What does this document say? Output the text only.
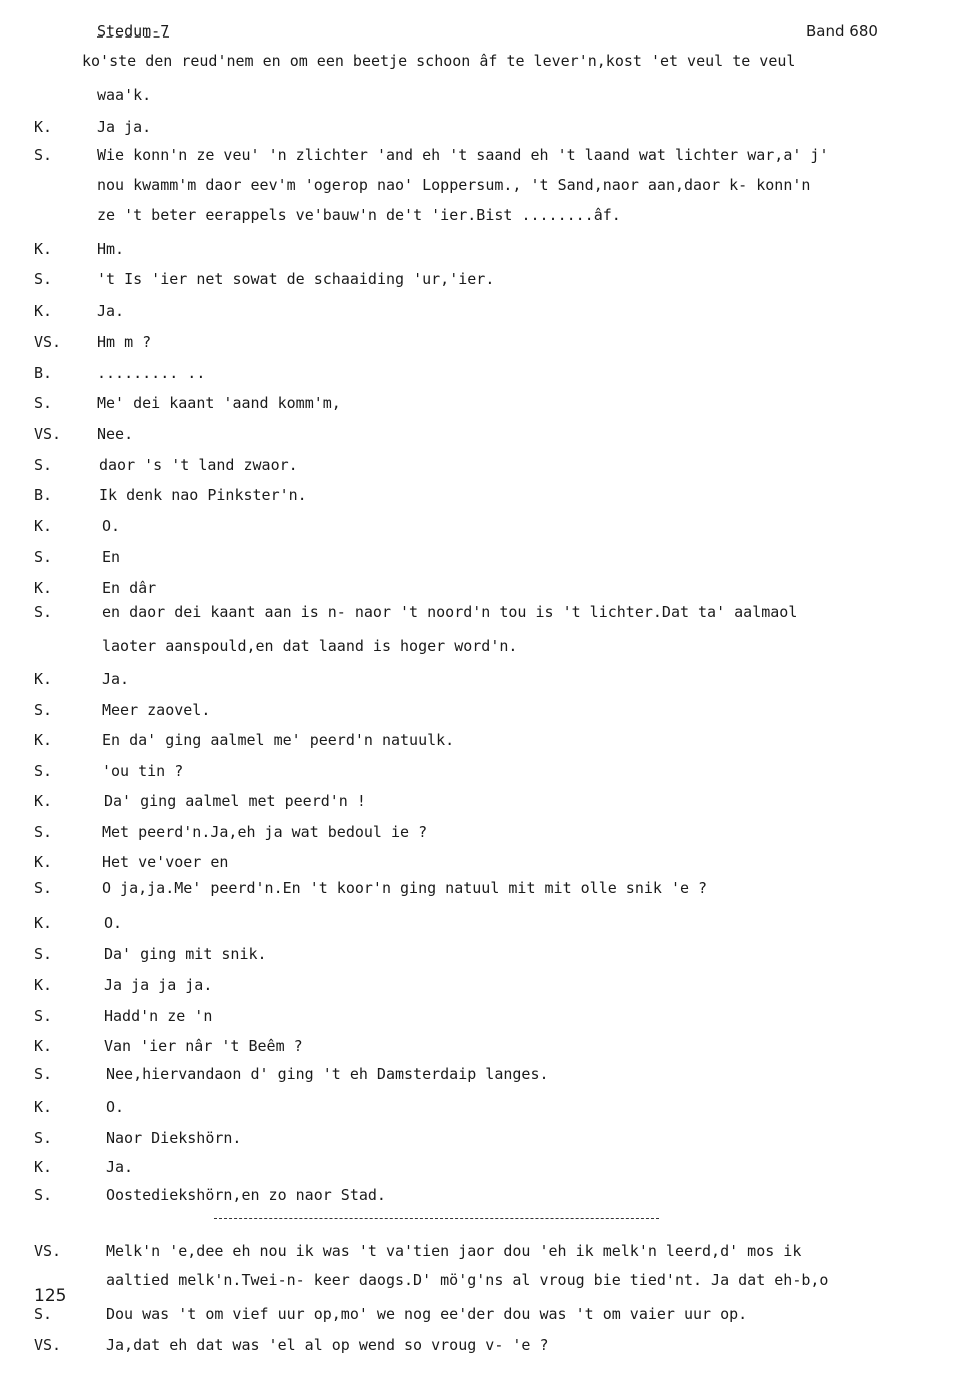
Stedum-7	Band 680
ko'ste den reud'nem en om een beetje schoon âf te lever'n,kost 'et veul te veul
waa'k.
K.	Ja ja.
S.	Wie konn'n ze veu' 'n zlichter 'and eh 't saand eh 't laand wat lichter war,a' j'
nou kwamm'm daor eev'm 'ogerop nao' Loppersum., 't Sand,naor aan,daor k- konn'n
ze 't beter eerappels ve'bauw'n de't 'ier.Bist ........âf.
K.	Hm.
S.	't Is 'ier net sowat de schaaiding 'ur,'ier.
K.	Ja.
VS. Hm m ?
B.	......... ..
S.	Me' dei kaant 'aand komm'm,
VS. Nee.
S.	daor 's 't land zwaor.
B.	Ik denk nao Pinkster'n.
K.	O.
S.	En
K.	En dâr
S.	en daor dei kaant aan is n- naor 't noord'n tou is 't lichter.Dat ta' aalmaol
laoter aanspould,en dat laand is hoger word'n.
K.	Ja.
S.	Meer zaovel.
K.	En da' ging aalmel me' peerd'n natuulk.
S.	'ou tin ?
K.	Da' ging aalmel met peerd'n !
S.	Met peerd'n.Ja,eh ja wat bedoul ie ?
K.	Het ve'voer en
S.	O ja,ja.Me' peerd'n.En 't koor'n ging natuul mit mit olle snik 'e ?
K.	O.
S.	Da' ging mit snik.
K.	Ja ja ja ja.
S.	Hadd'n ze 'n
K.	Van 'ier nâr 't Beêm ?
S.	Nee,hiervandaon d' ging 't eh Damsterdaip langes.
K.	O.
S.	Naor Diekshörn.
K.	Ja.
S.	Oostediekshörn,en zo naor Stad.
VS.	Melk'n 'e,dee eh nou ik was 't va'tien jaor dou 'eh ik melk'n leerd,d' mos ik
aaltied melk'n.Twei-n- keer daogs.D' mö'g'ns al vroug bie tied'nt. Ja dat eh-b,o
S.	Dou was 't om vief uur op,mo' we nog ee'der dou was 't om vaier uur op.
VS.	Ja,dat eh dat was 'el al op wend so vroug v- 'e ?
125
